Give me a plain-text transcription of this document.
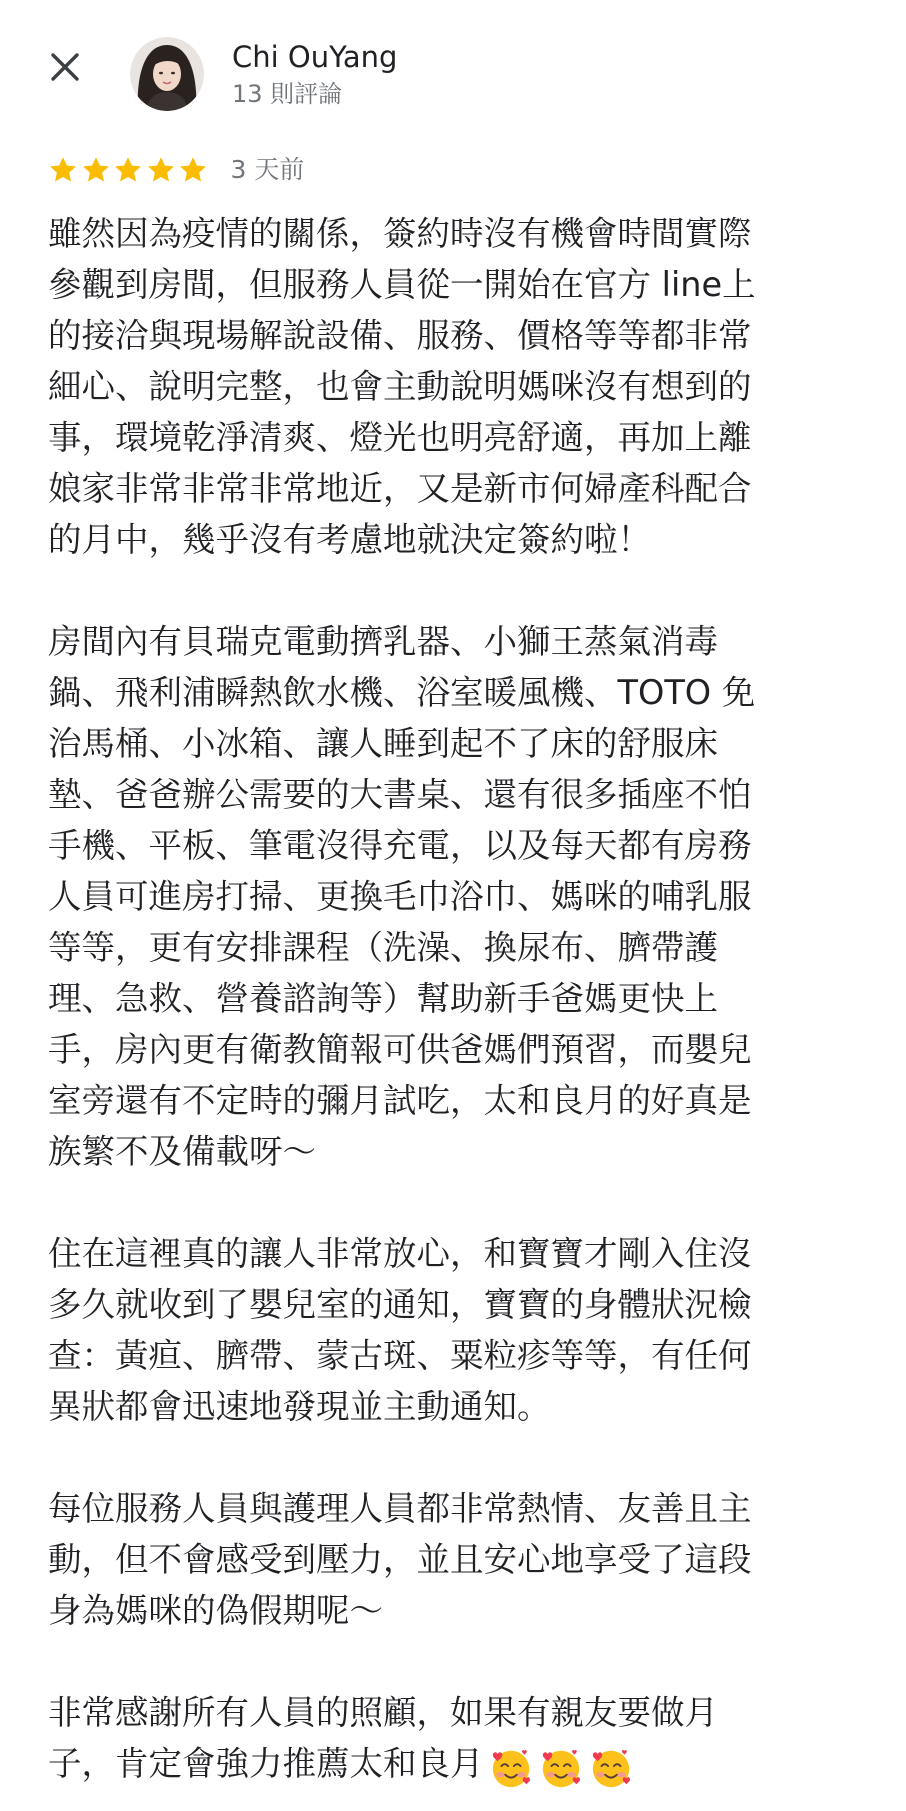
Chi OuYang
13 則評論
3 天前
雖然因為疫情的關係，簽約時沒有機會時間實際
參觀到房間，但服務人員從一開始在官方 line上
的接洽與現場解說設備、服務、價格等等都非常
細心、說明完整，也會主動說明媽咪沒有想到的
事，環境乾淨清爽、燈光也明亮舒適，再加上離
娘家非常非常非常地近，又是新市何婦產科配合
的月中，幾乎沒有考慮地就決定簽約啦！
房間內有貝瑞克電動擠乳器、小獅王蒸氣消毒
鍋、飛利浦瞬熱飲水機、浴室暖風機、TOTO 免
治馬桶、小冰箱、讓人睡到起不了床的舒服床
墊、爸爸辦公需要的大書桌、還有很多插座不怕
手機、平板、筆電沒得充電，以及每天都有房務
人員可進房打掃、更換毛巾浴巾、媽咪的哺乳服
等等，更有安排課程（洗澡、換尿布、臍帶護
理、急救、營養諮詢等）幫助新手爸媽更快上
手，房內更有衛教簡報可供爸媽們預習，而嬰兒
室旁還有不定時的彌月試吃，太和良月的好真是
族繁不及備載呀～
住在這裡真的讓人非常放心，和寶寶才剛入住沒
多久就收到了嬰兒室的通知，寶寶的身體狀況檢
查：黃疸、臍帶、蒙古斑、粟粒疹等等，有任何
異狀都會迅速地發現並主動通知。
每位服務人員與護理人員都非常熱情、友善且主
動，但不會感受到壓力，並且安心地享受了這段
身為媽咪的偽假期呢～
非常感謝所有人員的照顧，如果有親友要做月
子，肯定會強力推薦太和良月
